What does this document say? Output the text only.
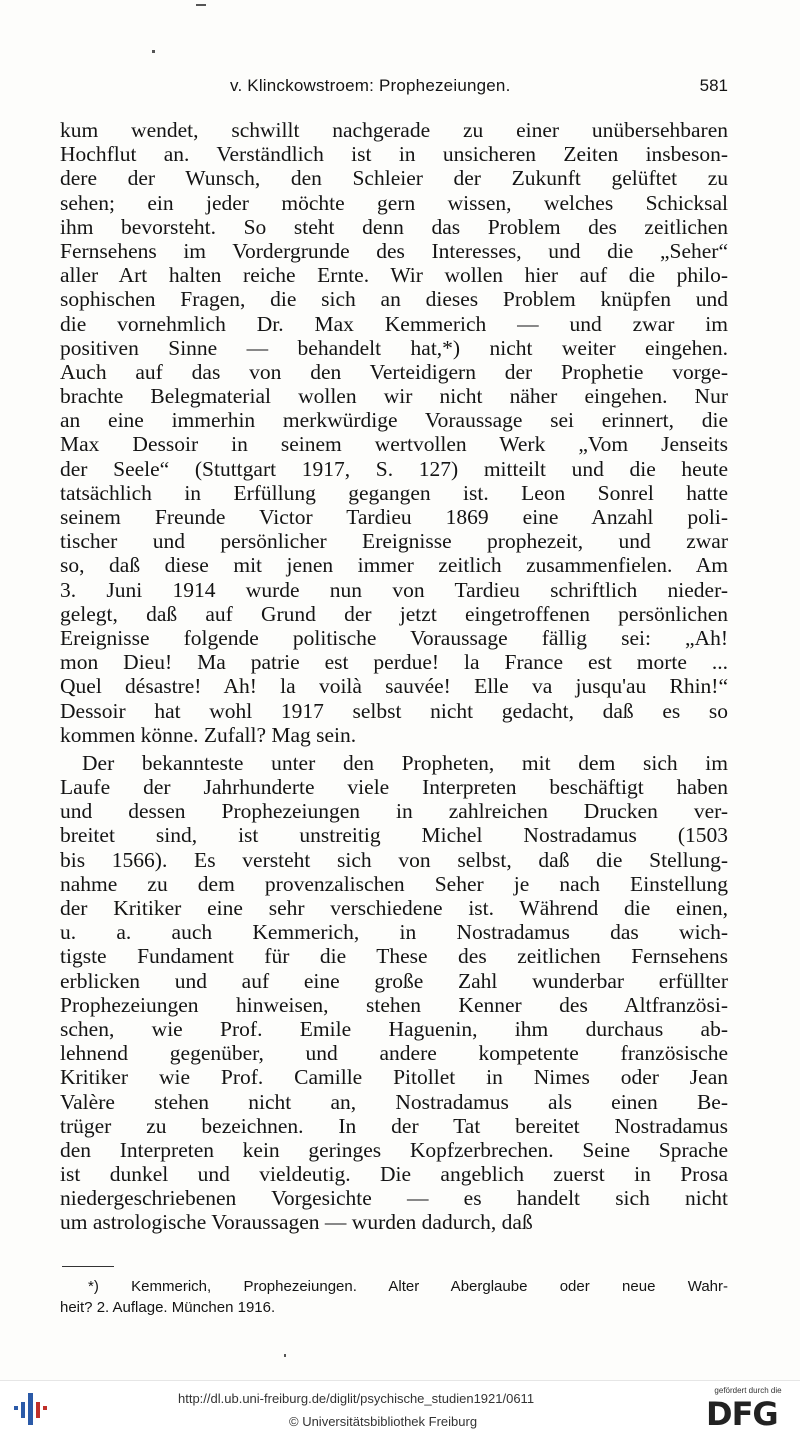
v. Klinckowstroem: Prophezeiungen.	581
kum wendet, schwillt nachgerade zu einer unübersehbaren
Hochflut an. Verständlich ist in unsicheren Zeiten insbeson-
dere der Wunsch, den Schleier der Zukunft gelüftet zu
sehen; ein jeder möchte gern wissen, welches Schicksal
ihm bevorsteht. So steht denn das Problem des zeitlichen
Fernsehens im Vordergrunde des Interesses, und die „Seher“
aller Art halten reiche Ernte. Wir wollen hier auf die philo-
sophischen Fragen, die sich an dieses Problem knüpfen und
die vornehmlich Dr. Max Kemmerich — und zwar im
positiven Sinne — behandelt hat,*) nicht weiter eingehen.
Auch auf das von den Verteidigern der Prophetie vorge-
brachte Belegmaterial wollen wir nicht näher eingehen. Nur
an eine immerhin merkwürdige Voraussage sei erinnert, die
Max Dessoir in seinem wertvollen Werk „Vom Jenseits
der Seele“ (Stuttgart 1917, S. 127) mitteilt und die heute
tatsächlich in Erfüllung gegangen ist. Leon Sonrel hatte
seinem Freunde Victor Tardieu 1869 eine Anzahl poli-
tischer und persönlicher Ereignisse prophezeit, und zwar
so, daß diese mit jenen immer zeitlich zusammenfielen. Am
3. Juni 1914 wurde nun von Tardieu schriftlich nieder-
gelegt, daß auf Grund der jetzt eingetroffenen persönlichen
Ereignisse folgende politische Voraussage fällig sei: „Ah!
mon Dieu! Ma patrie est perdue! la France est morte ...
Quel désastre! Ah! la voilà sauvée! Elle va jusqu'au Rhin!“
Dessoir hat wohl 1917 selbst nicht gedacht, daß es so
kommen könne. Zufall? Mag sein.
Der bekannteste unter den Propheten, mit dem sich im
Laufe der Jahrhunderte viele Interpreten beschäftigt haben
und dessen Prophezeiungen in zahlreichen Drucken ver-
breitet sind, ist unstreitig Michel Nostradamus (1503
bis 1566). Es versteht sich von selbst, daß die Stellung-
nahme zu dem provenzalischen Seher je nach Einstellung
der Kritiker eine sehr verschiedene ist. Während die einen,
u. a. auch Kemmerich, in Nostradamus das wich-
tigste Fundament für die These des zeitlichen Fernsehens
erblicken und auf eine große Zahl wunderbar erfüllter
Prophezeiungen hinweisen, stehen Kenner des Altfranzösi-
schen, wie Prof. Emile Haguenin, ihm durchaus ab-
lehnend gegenüber, und andere kompetente französische
Kritiker wie Prof. Camille Pitollet in Nimes oder Jean
Valère stehen nicht an, Nostradamus als einen Be-
trüger zu bezeichnen. In der Tat bereitet Nostradamus
den Interpreten kein geringes Kopfzerbrechen. Seine Sprache
ist dunkel und vieldeutig. Die angeblich zuerst in Prosa
niedergeschriebenen Vorgesichte — es handelt sich nicht
um astrologische Voraussagen — wurden dadurch, daß
*) Kemmerich, Prophezeiungen. Alter Aberglaube oder neue Wahr-
heit? 2. Auflage. München 1916.
http://dl.ub.uni-freiburg.de/diglit/psychische_studien1921/0611
© Universitätsbibliothek Freiburg
gefördert durch die
DFG
